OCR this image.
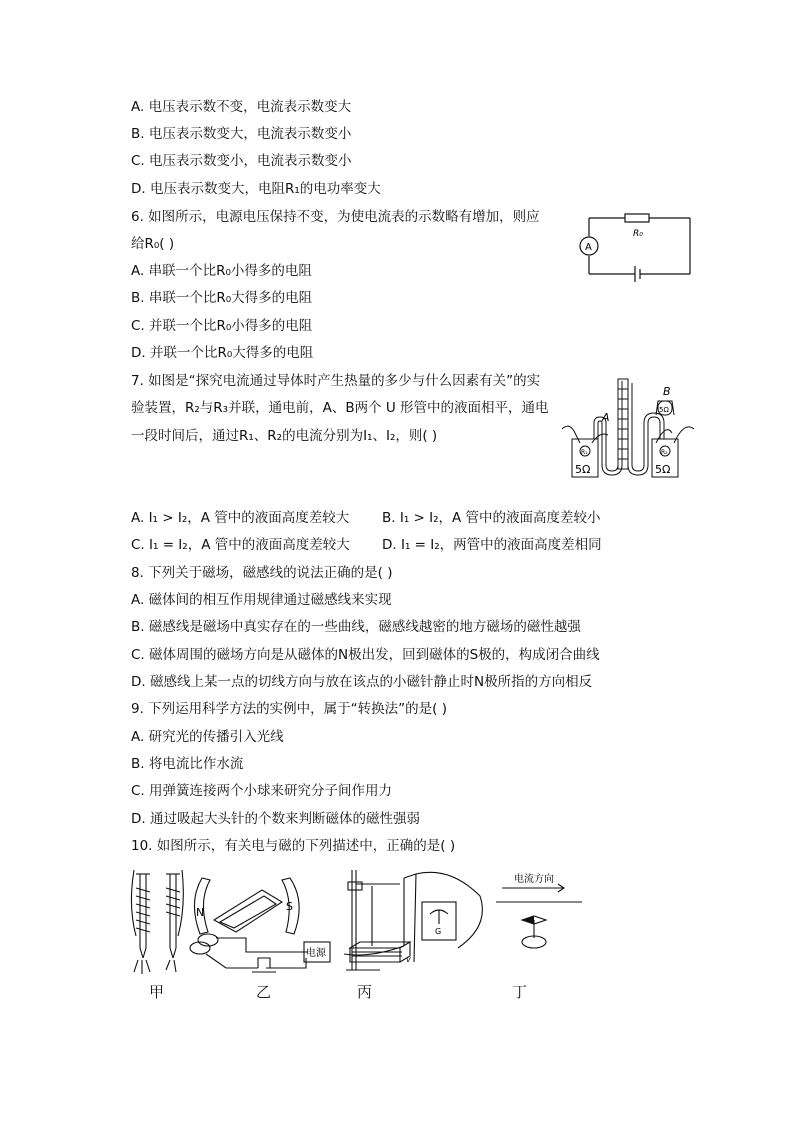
A. 电压表示数不变，电流表示数变大
B. 电压表示数变大，电流表示数变小
C. 电压表示数变小，电流表示数变小
D. 电压表示数变大，电阻R₁的电功率变大
6. 如图所示，电源电压保持不变，为使电流表的示数略有增加，则应
给R₀( )
A. 串联一个比R₀小得多的电阻
B. 串联一个比R₀大得多的电阻
C. 并联一个比R₀小得多的电阻
D. 并联一个比R₀大得多的电阻
A
R₀
7. 如图是“探究电流通过导体时产生热量的多少与什么因素有关”的实
验装置，R₂与R₃并联，通电前，A、B两个 U 形管中的液面相平，通电
一段时间后，通过R₁、R₂的电流分别为I₁、I₂，则( )
A
B
5Ω
R₁	R₂
5Ω	5Ω
A. I₁ > I₂，A 管中的液面高度差较大 B. I₁ > I₂，A 管中的液面高度差较小
C. I₁ = I₂，A 管中的液面高度差较大 D. I₁ = I₂，两管中的液面高度差相同
8. 下列关于磁场，磁感线的说法正确的是( )
A. 磁体间的相互作用规律通过磁感线来实现
B. 磁感线是磁场中真实存在的一些曲线，磁感线越密的地方磁场的磁性越强
C. 磁体周围的磁场方向是从磁体的N极出发，回到磁体的S极的，构成闭合曲线
D. 磁感线上某一点的切线方向与放在该点的小磁针静止时N极所指的方向相反
9. 下列运用科学方法的实例中，属于“转换法”的是( )
A. 研究光的传播引入光线
B. 将电流比作水流
C. 用弹簧连接两个小球来研究分子间作用力
D. 通过吸起大头针的个数来判断磁体的磁性强弱
10. 如图所示，有关电与磁的下列描述中，正确的是( )
N	S
电源
G
v
电流方向
甲	乙	丙	丁
